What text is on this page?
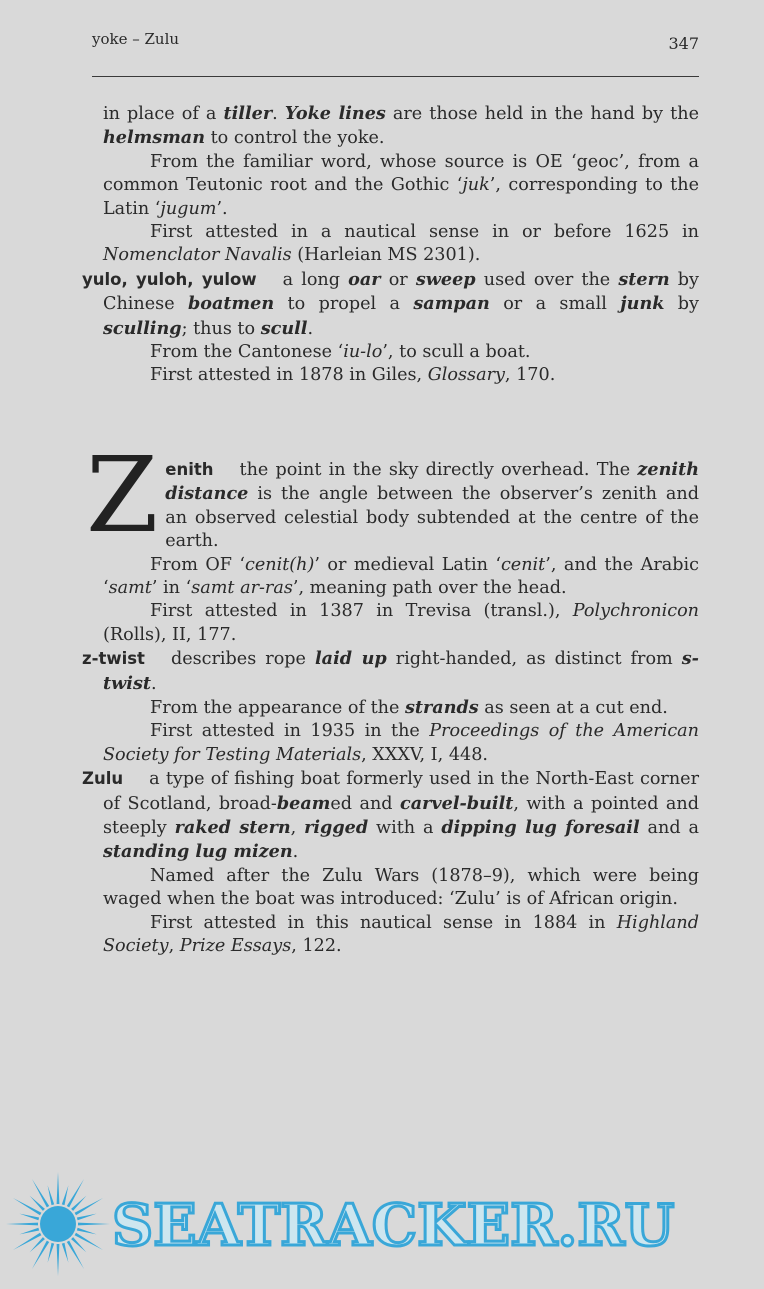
yoke – Zulu	347

in place of a tiller. Yoke lines are those held in the hand by the helmsman to control the yoke.

From the familiar word, whose source is OE ‘geoc’, from a common Teutonic root and the Gothic ‘juk’, corresponding to the Latin ‘jugum’.

First attested in a nautical sense in or before 1625 in Nomenclator Navalis (Harleian MS 2301).

yulo, yuloh, yulow a long oar or sweep used over the stern by Chinese boatmen to propel a sampan or a small junk by sculling; thus to scull.

From the Cantonese ‘iu-lo’, to scull a boat.

First attested in 1878 in Giles, Glossary, 170.

Zenith the point in the sky directly overhead. The zenith distance is the angle between the observer’s zenith and an observed celestial body subtended at the centre of the earth.

From OF ‘cenit(h)’ or medieval Latin ‘cenit’, and the Arabic ‘samt’ in ‘samt ar-ras’, meaning path over the head.

First attested in 1387 in Trevisa (transl.), Polychronicon (Rolls), II, 177.

z-twist describes rope laid up right-handed, as distinct from s-twist.

From the appearance of the strands as seen at a cut end.

First attested in 1935 in the Proceedings of the American Society for Testing Materials, XXXV, I, 448.

Zulu a type of fishing boat formerly used in the North-East corner of Scotland, broad-beamed and carvel-built, with a pointed and steeply raked stern, rigged with a dipping lug foresail and a standing lug mizen.

Named after the Zulu Wars (1878–9), which were being waged when the boat was introduced: ‘Zulu’ is of African origin.

First attested in this nautical sense in 1884 in Highland Society, Prize Essays, 122.

SEATRACKER.RU
